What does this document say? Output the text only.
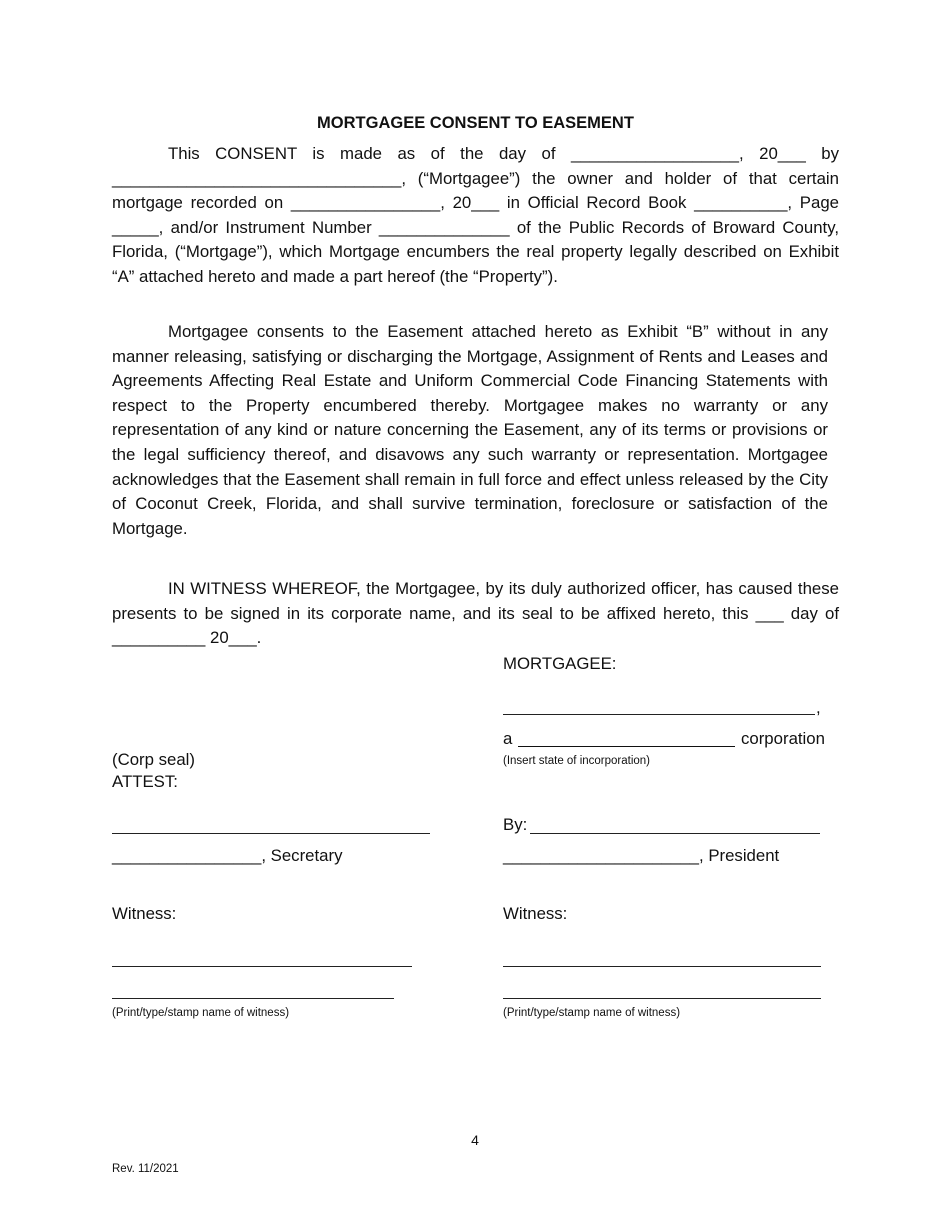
MORTGAGEE CONSENT TO EASEMENT

This CONSENT is made as of the day of __________________, 20___ by _______________________________, (“Mortgagee”) the owner and holder of that certain mortgage recorded on ________________, 20___ in Official Record Book __________, Page _____, and/or Instrument Number ______________ of the Public Records of Broward County, Florida, (“Mortgage”), which Mortgage encumbers the real property legally described on Exhibit “A” attached hereto and made a part hereof (the “Property”).

Mortgagee consents to the Easement attached hereto as Exhibit “B” without in any manner releasing, satisfying or discharging the Mortgage, Assignment of Rents and Leases and Agreements Affecting Real Estate and Uniform Commercial Code Financing Statements with respect to the Property encumbered thereby. Mortgagee makes no warranty or any representation of any kind or nature concerning the Easement, any of its terms or provisions or the legal sufficiency thereof, and disavows any such warranty or representation. Mortgagee acknowledges that the Easement shall remain in full force and effect unless released by the City of Coconut Creek, Florida, and shall survive termination, foreclosure or satisfaction of the Mortgage.

IN WITNESS WHEREOF, the Mortgagee, by its duly authorized officer, has caused these presents to be signed in its corporate name, and its seal to be affixed hereto, this ___ day of __________ 20___.

MORTGAGEE:
,
a	corporation
(Insert state of incorporation)
(Corp seal)
ATTEST:
By:
________________, Secretary	_____________________, President
Witness:	Witness:
(Print/type/stamp name of witness)	(Print/type/stamp name of witness)
4
Rev. 11/2021
